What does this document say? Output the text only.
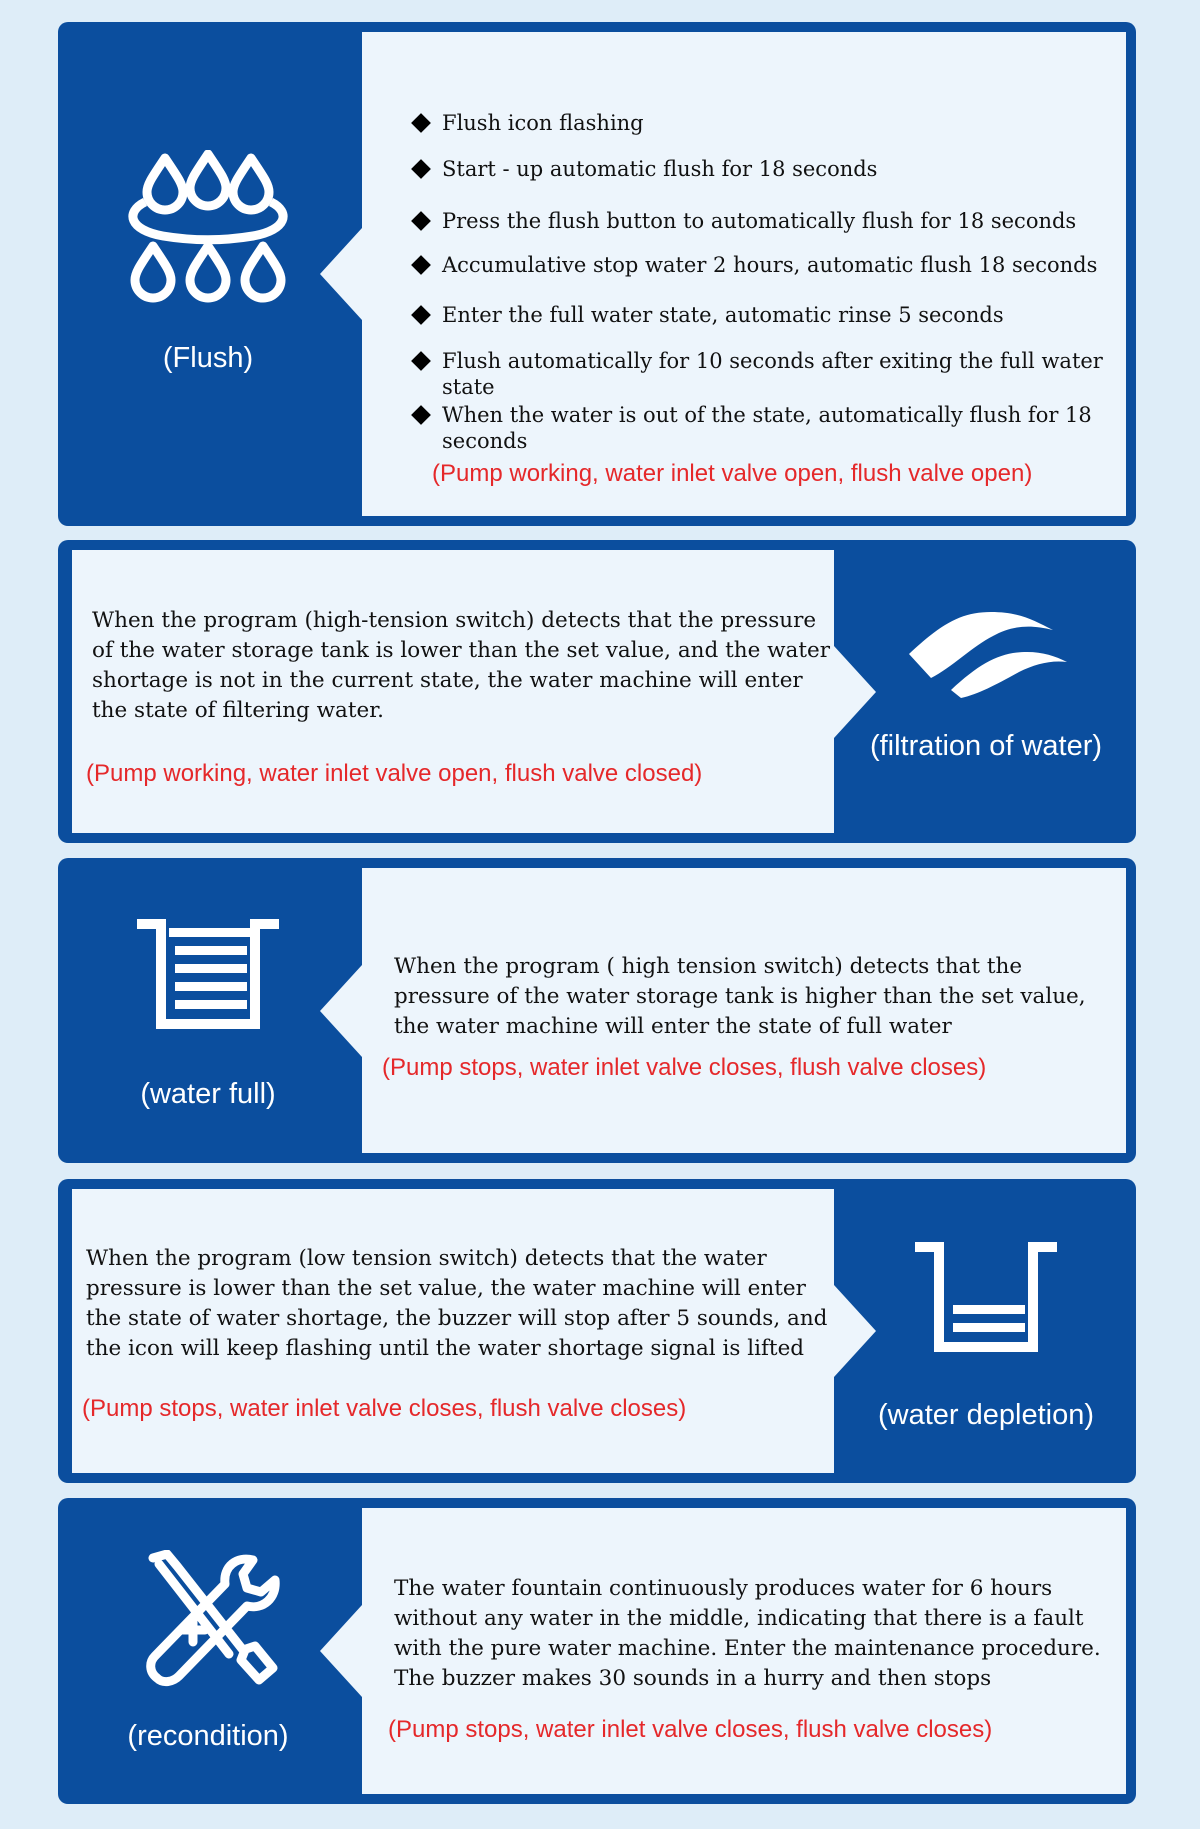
(Flush)
Flush icon flashing
Start - up automatic flush for 18 seconds
Press the flush button to automatically flush for 18 seconds
Accumulative stop water 2 hours, automatic flush 18 seconds
Enter the full water state, automatic rinse 5 seconds
Flush automatically for 10 seconds after exiting the full water state
When the water is out of the state, automatically flush for 18 seconds
(Pump working, water inlet valve open, flush valve open)
When the program (high-tension switch) detects that the pressure of the water storage tank is lower than the set value, and the water shortage is not in the current state, the water machine will enter the state of filtering water.
(Pump working, water inlet valve open, flush valve closed)
(filtration of water)
(water full)
When the program ( high tension switch) detects that the pressure of the water storage tank is higher than the set value, the water machine will enter the state of full water
(Pump stops, water inlet valve closes, flush valve closes)
When the program (low tension switch) detects that the water pressure is lower than the set value, the water machine will enter the state of water shortage, the buzzer will stop after 5 sounds, and the icon will keep flashing until the water shortage signal is lifted
(Pump stops, water inlet valve closes, flush valve closes)	(water depletion)
(recondition)
The water fountain continuously produces water for 6 hours without any water in the middle, indicating that there is a fault with the pure water machine. Enter the maintenance procedure. The buzzer makes 30 sounds in a hurry and then stops
(Pump stops, water inlet valve closes, flush valve closes)
